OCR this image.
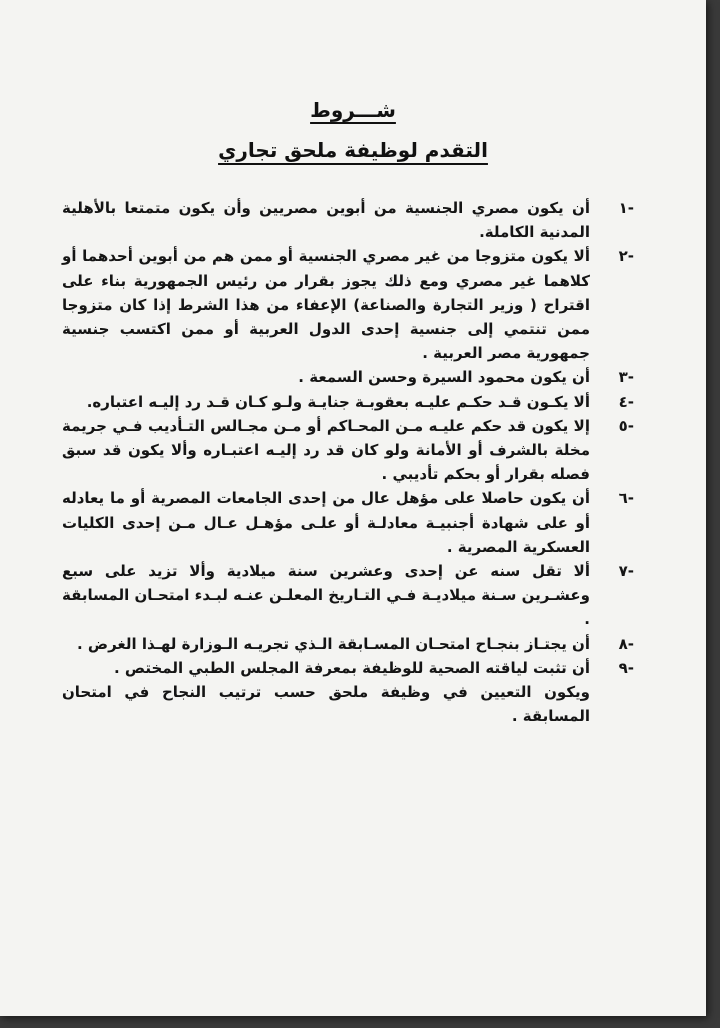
شـــروط

التقدم لوظيفة ملحق تجاري

-١
أن يكون مصري الجنسية من أبوين مصريين وأن يكون متمتعا بالأهلية المدنية الكاملة.
-٢
ألا يكون متزوجا من غير مصري الجنسية أو ممن هم من أبوين أحدهما أو كلاهما غير مصري ومع ذلك يجوز بقرار من رئيس الجمهورية بناء على اقتراح ( وزير التجارة والصناعة) الإعفاء من هذا الشرط إذا كان متزوجا ممن تنتمي إلى جنسية إحدى الدول العربية أو ممن اكتسب جنسية جمهورية مصر العربية .
-٣
أن يكون محمود السيرة وحسن السمعة .
-٤
ألا يكـون قـد حكـم عليـه بعقوبـة جنايـة ولـو كـان قـد رد إليـه اعتباره.
-٥
إلا يكون قد حكم عليـه مـن المحـاكم أو مـن مجـالس التـأديب فـي جريمة مخلة بالشرف أو الأمانة ولو كان قد رد إليـه اعتبـاره وألا يكون قد سبق فصله بقرار أو بحكم تأديبي .
-٦
أن يكون حاصلا على مؤهل عال من إحدى الجامعات المصرية أو ما يعادله أو على شهادة أجنبيـة معادلـة أو علـى مؤهـل عـال مـن إحدى الكليات العسكرية المصرية .
-٧
ألا تقل سنه عن إحدى وعشرين سنة ميلادية وألا تزيد على سبع وعشـرين سـنة ميلاديـة فـي التـاريخ المعلـن عنـه لبـدء امتحـان المسابقة .
-٨
أن يجتـاز بنجـاح امتحـان المسـابقة الـذي تجريـه الـوزارة لهـذا الغرض .
-٩
أن تثبت لياقته الصحية للوظيفة بمعرفة المجلس الطبي المختص .

ويكون التعيين في وظيفة ملحق حسب ترتيب النجاح في امتحان المسابقة .
